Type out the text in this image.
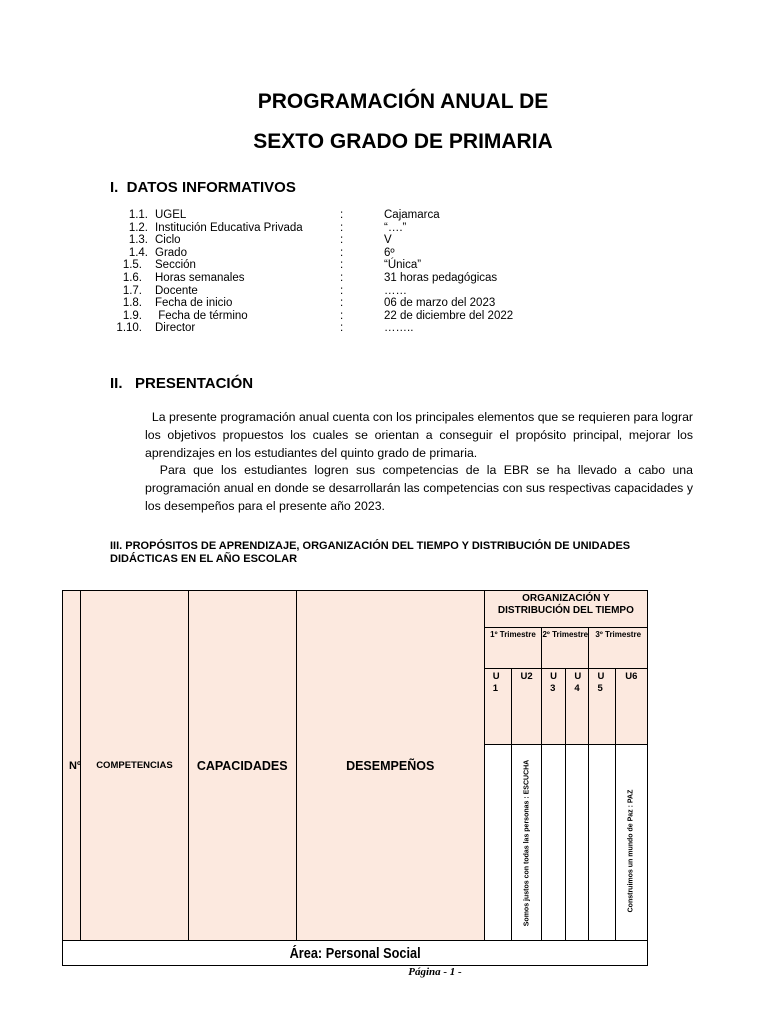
PROGRAMACIÓN ANUAL DE
SEXTO GRADO DE PRIMARIA
I.  DATOS INFORMATIVOS
1.1. UGEL	:	Cajamarca
1.2. Institución Educativa Privada	:	“….”
1.3. Ciclo	:	V
1.4. Grado	:	6º
1.5. Sección	:	“Única”
1.6. Horas semanales	:	31 horas pedagógicas
1.7. Docente	:	……
1.8. Fecha de inicio	:	06 de marzo del 2023
1.9. Fecha de término	:	22 de diciembre del 2022
1.10. Director	:	……..
II.   PRESENTACIÓN
La presente programación anual cuenta con los principales elementos que se requieren para lograr los objetivos propuestos los cuales se orientan a conseguir el propósito principal, mejorar los aprendizajes en los estudiantes del quinto grado de primaria.
Para que los estudiantes logren sus competencias de la EBR se ha llevado a cabo una programación anual en donde se desarrollarán las competencias con sus respectivas capacidades y los desempeños para el presente año 2023.
III. PROPÓSITOS DE APRENDIZAJE, ORGANIZACIÓN DEL TIEMPO Y DISTRIBUCIÓN DE UNIDADES DIDÁCTICAS EN EL AÑO ESCOLAR
Nº	COMPETENCIAS	CAPACIDADES	DESEMPEÑOS	ORGANIZACIÓN Y DISTRIBUCIÓN DEL TIEMPO					
				1º Trimestre		2º Trimestre		3º Trimestre	
				U 1	U2	U 3	U 4	U 5	U6

					Somos justos con todas las personas : ESCUCHA				Construimos un mundo de Paz : PAZ

Área: Personal Social									
Página - 1 -
